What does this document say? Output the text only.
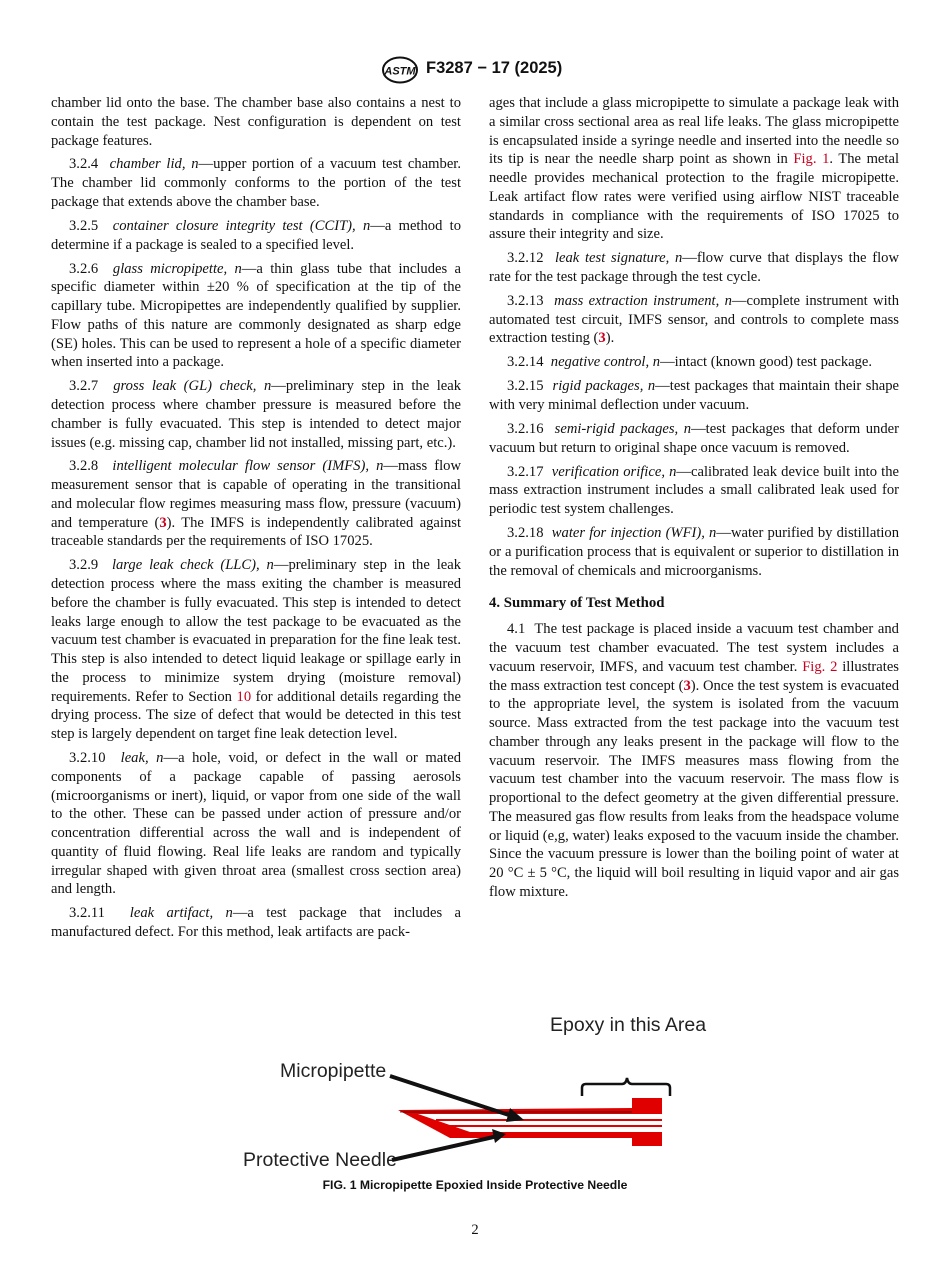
ASTM F3287 − 17 (2025)

chamber lid onto the base. The chamber base also contains a nest to contain the test package. Nest configuration is dependent on test package features.

3.2.4 chamber lid, n—upper portion of a vacuum test chamber. The chamber lid commonly conforms to the portion of the test package that extends above the chamber base.

3.2.5 container closure integrity test (CCIT), n—a method to determine if a package is sealed to a specified level.

3.2.6 glass micropipette, n—a thin glass tube that includes a specific diameter within ±20 % of specification at the tip of the capillary tube. Micropipettes are independently qualified by supplier. Flow paths of this nature are commonly designated as sharp edge (SE) holes. This can be used to represent a hole of a specific diameter when inserted into a package.

3.2.7 gross leak (GL) check, n—preliminary step in the leak detection process where chamber pressure is measured before the chamber is fully evacuated. This step is intended to detect major issues (e.g. missing cap, chamber lid not installed, missing part, etc.).

3.2.8 intelligent molecular flow sensor (IMFS), n—mass flow measurement sensor that is capable of operating in the transitional and molecular flow regimes measuring mass flow, pressure (vacuum) and temperature (3). The IMFS is independently calibrated against traceable standards per the requirements of ISO 17025.

3.2.9 large leak check (LLC), n—preliminary step in the leak detection process where the mass exiting the chamber is measured before the chamber is fully evacuated. This step is intended to detect leaks large enough to allow the test package to be evacuated as the vacuum test chamber is evacuated in preparation for the fine leak test. This step is also intended to detect liquid leakage or spillage early in the process to minimize system drying (moisture removal) requirements. Refer to Section 10 for additional details regarding the drying process. The size of defect that would be detected in this test step is largely dependent on target fine leak detection level.

3.2.10 leak, n—a hole, void, or defect in the wall or mated components of a package capable of passing aerosols (microorganisms or inert), liquid, or vapor from one side of the wall to the other. These can be passed under action of pressure and/or concentration differential across the wall and is independent of quantity of fluid flowing. Real life leaks are random and typically irregular shaped with given throat area (smallest cross section area) and length.

3.2.11 leak artifact, n—a test package that includes a manufactured defect. For this method, leak artifacts are pack-

ages that include a glass micropipette to simulate a package leak with a similar cross sectional area as real life leaks. The glass micropipette is encapsulated inside a syringe needle and inserted into the needle so its tip is near the needle sharp point as shown in Fig. 1. The metal needle provides mechanical protection to the fragile micropipette. Leak artifact flow rates were verified using airflow NIST traceable standards in compliance with the requirements of ISO 17025 to assure their integrity and size.

3.2.12 leak test signature, n—flow curve that displays the flow rate for the test package through the test cycle.

3.2.13 mass extraction instrument, n—complete instrument with automated test circuit, IMFS sensor, and controls to complete mass extraction testing (3).

3.2.14 negative control, n—intact (known good) test package.

3.2.15 rigid packages, n—test packages that maintain their shape with very minimal deflection under vacuum.

3.2.16 semi-rigid packages, n—test packages that deform under vacuum but return to original shape once vacuum is removed.

3.2.17 verification orifice, n—calibrated leak device built into the mass extraction instrument includes a small calibrated leak used for periodic test system challenges.

3.2.18 water for injection (WFI), n—water purified by distillation or a purification process that is equivalent or superior to distillation in the removal of chemicals and microorganisms.

4. Summary of Test Method

4.1 The test package is placed inside a vacuum test chamber and the vacuum test chamber evacuated. The test system includes a vacuum reservoir, IMFS, and vacuum test chamber. Fig. 2 illustrates the mass extraction test concept (3). Once the test system is evacuated to the appropriate level, the system is isolated from the vacuum source. Mass extracted from the test package into the vacuum test chamber through any leaks present in the package will flow to the vacuum reservoir. The IMFS measures mass flowing from the vacuum test chamber into the vacuum reservoir. The mass flow is proportional to the defect geometry at the given differential pressure. The measured gas flow results from leaks from the headspace volume or liquid (e,g, water) leaks exposed to the vacuum inside the chamber. Since the vacuum pressure is lower than the boiling point of water at 20 °C ± 5 °C, the liquid will boil resulting in liquid vapor and air gas flow mixture.

Epoxy in this Area
Micropipette
Protective Needle
FIG. 1 Micropipette Epoxied Inside Protective Needle
2
